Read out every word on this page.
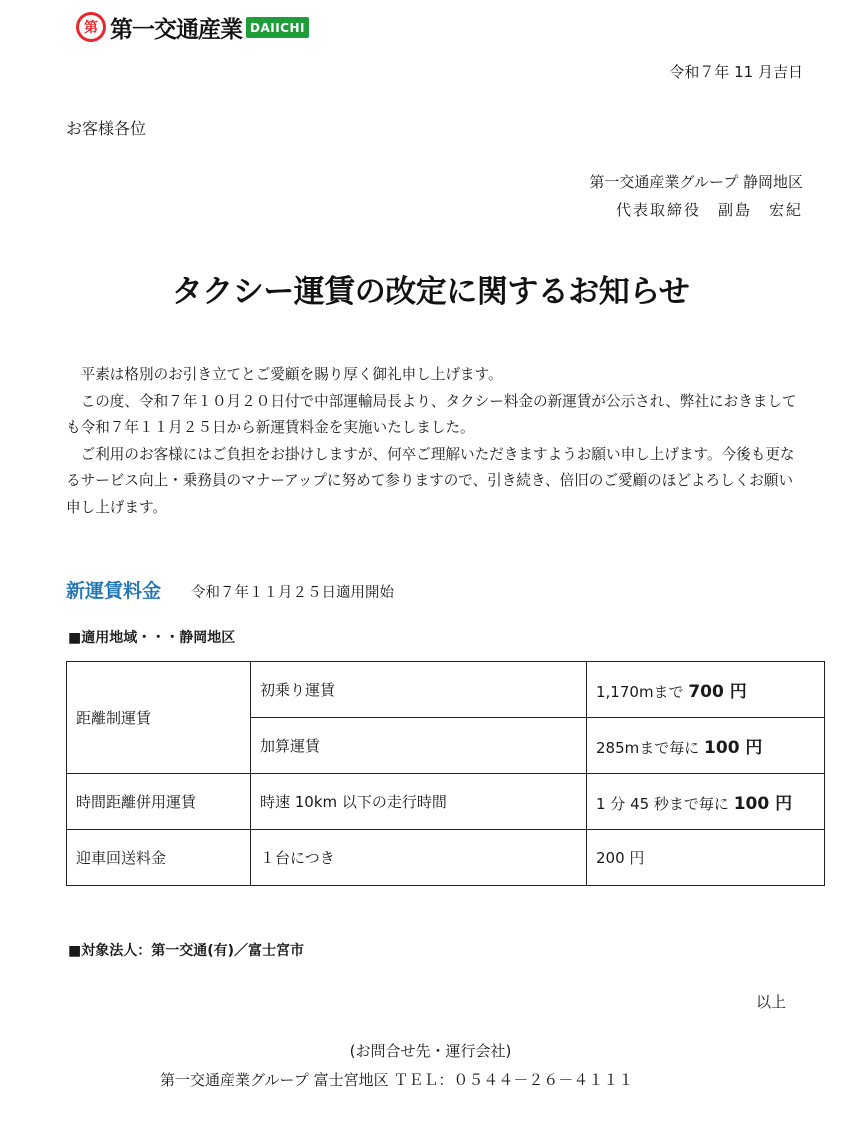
第 第一交通産業 DAIICHI
令和７年 11 月吉日
お客様各位
第一交通産業グループ 静岡地区
代表取締役　副島　宏紀
タクシー運賃の改定に関するお知らせ

　平素は格別のお引き立てとご愛顧を賜り厚く御礼申し上げます。

　この度、令和７年１０月２０日付で中部運輸局長より、タクシー料金の新運賃が公示され、弊社におきましても令和７年１１月２５日から新運賃料金を実施いたしました。

　ご利用のお客様にはご負担をお掛けしますが、何卒ご理解いただきますようお願い申し上げます。今後も更なるサービス向上・乗務員のマナーアップに努めて参りますので、引き続き、倍旧のご愛顧のほどよろしくお願い申し上げます。

新運賃料金 令和７年１１月２５日適用開始
■適用地域・・・静岡地区
距離制運賃	初乗り運賃	1,170mまで 700 円
	加算運賃	285mまで毎に 100 円
時間距離併用運賃	時速 10km 以下の走行時間	1 分 45 秒まで毎に 100 円
迎車回送料金	１台につき	200 円
■対象法人：第一交通(有)／富士宮市
以上
(お問合せ先・運行会社)
第一交通産業グループ 富士宮地区 ＴＥＬ：０５４４－２６－４１１１
